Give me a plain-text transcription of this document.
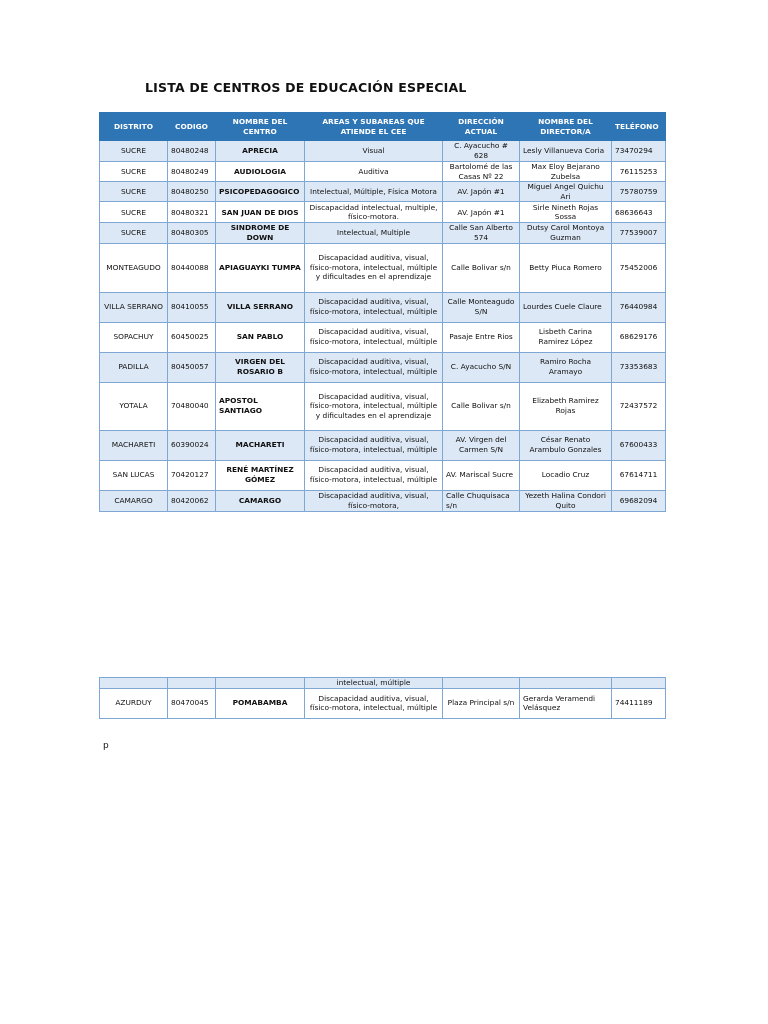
LISTA DE CENTROS DE EDUCACIÓN ESPECIAL
DISTRITO	CODIGO	NOMBRE DEL CENTRO	AREAS Y SUBAREAS QUE ATIENDE EL CEE	DIRECCIÓN ACTUAL	NOMBRE DEL DIRECTOR/A	TELÉFONO
SUCRE	80480248	APRECIA	Visual	C. Ayacucho # 628	Lesly Villanueva Coria	73470294
SUCRE	80480249	AUDIOLOGIA	Auditiva	Bartolomé de las Casas Nº 22	Max Eloy Bejarano Zubelsa	76115253
SUCRE	80480250	PSICOPEDAGOGICO	Intelectual, Múltiple, Física Motora	AV. Japón #1	Miguel Angel Quichu Ari	75780759
SUCRE	80480321	SAN JUAN DE DIOS	Discapacidad intelectual, multiple, físico-motora.	AV. Japón #1	Sirle Nineth Rojas Sossa	68636643
SUCRE	80480305	SINDROME DE DOWN	Intelectual, Multiple	Calle San Alberto 574	Dutsy Carol Montoya Guzman	77539007
MONTEAGUDO	80440088	APIAGUAYKI TUMPA	Discapacidad auditiva, visual, físico-motora, intelectual, múltiple y dificultades en el aprendizaje	Calle Bolivar s/n	Betty Piuca Romero	75452006
VILLA SERRANO	80410055	VILLA SERRANO	Discapacidad auditiva, visual, físico-motora, intelectual, múltiple	Calle Monteagudo S/N	Lourdes Cuele Claure	76440984
SOPACHUY	60450025	SAN PABLO	Discapacidad auditiva, visual, físico-motora, intelectual, múltiple	Pasaje Entre Rios	Lisbeth Carina Ramirez López	68629176
PADILLA	80450057	VIRGEN DEL ROSARIO B	Discapacidad auditiva, visual, físico-motora, intelectual, múltiple	C. Ayacucho S/N	Ramiro Rocha Aramayo	73353683
YOTALA	70480040	APOSTOL SANTIAGO	Discapacidad auditiva, visual, físico-motora, intelectual, múltiple y dificultades en el aprendizaje	Calle Bolivar s/n	Elizabeth Ramirez Rojas	72437572
MACHARETI	60390024	MACHARETI	Discapacidad auditiva, visual, físico-motora, intelectual, múltiple	AV. Virgen del Carmen S/N	César Renato Arambulo Gonzales	67600433
SAN LUCAS	70420127	RENÉ MARTÍNEZ GÓMEZ	Discapacidad auditiva, visual, físico-motora, intelectual, múltiple	AV. Mariscal Sucre	Locadio Cruz	67614711
CAMARGO	80420062	CAMARGO	Discapacidad auditiva, visual, físico-motora,	Calle Chuquisaca s/n	Yezeth Halina Condori Quito	69682094
			intelectual, múltiple			
AZURDUY	80470045	POMABAMBA	Discapacidad auditiva, visual, físico-motora, intelectual, múltiple	Plaza Principal s/n	Gerarda Veramendi Velásquez	74411189
p
